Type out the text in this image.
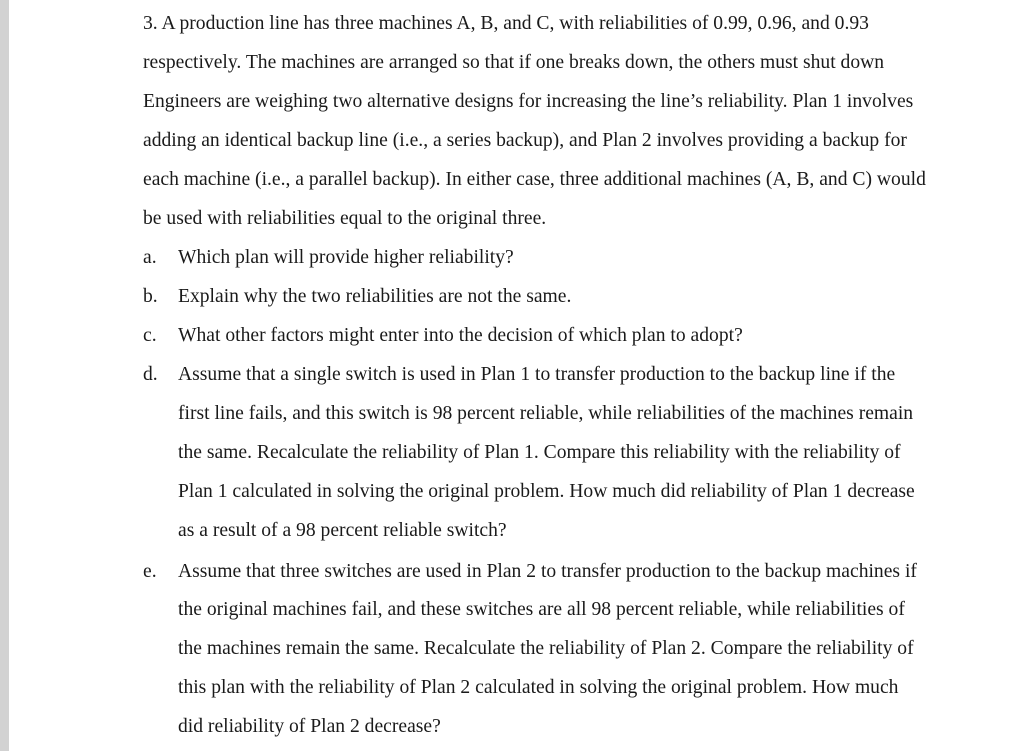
3. A production line has three machines A, B, and C, with reliabilities of 0.99, 0.96, and 0.93
respectively. The machines are arranged so that if one breaks down, the others must shut down
Engineers are weighing two alternative designs for increasing the line’s reliability. Plan 1 involves
adding an identical backup line (i.e., a series backup), and Plan 2 involves providing a backup for
each machine (i.e., a parallel backup). In either case, three additional machines (A, B, and C) would
be used with reliabilities equal to the original three.
a. Which plan will provide higher reliability?
b. Explain why the two reliabilities are not the same.
c. What other factors might enter into the decision of which plan to adopt?
d. Assume that a single switch is used in Plan 1 to transfer production to the backup line if the
first line fails, and this switch is 98 percent reliable, while reliabilities of the machines remain
the same. Recalculate the reliability of Plan 1. Compare this reliability with the reliability of
Plan 1 calculated in solving the original problem. How much did reliability of Plan 1 decrease
as a result of a 98 percent reliable switch?
e. Assume that three switches are used in Plan 2 to transfer production to the backup machines if
the original machines fail, and these switches are all 98 percent reliable, while reliabilities of
the machines remain the same. Recalculate the reliability of Plan 2. Compare the reliability of
this plan with the reliability of Plan 2 calculated in solving the original problem. How much
did reliability of Plan 2 decrease?
